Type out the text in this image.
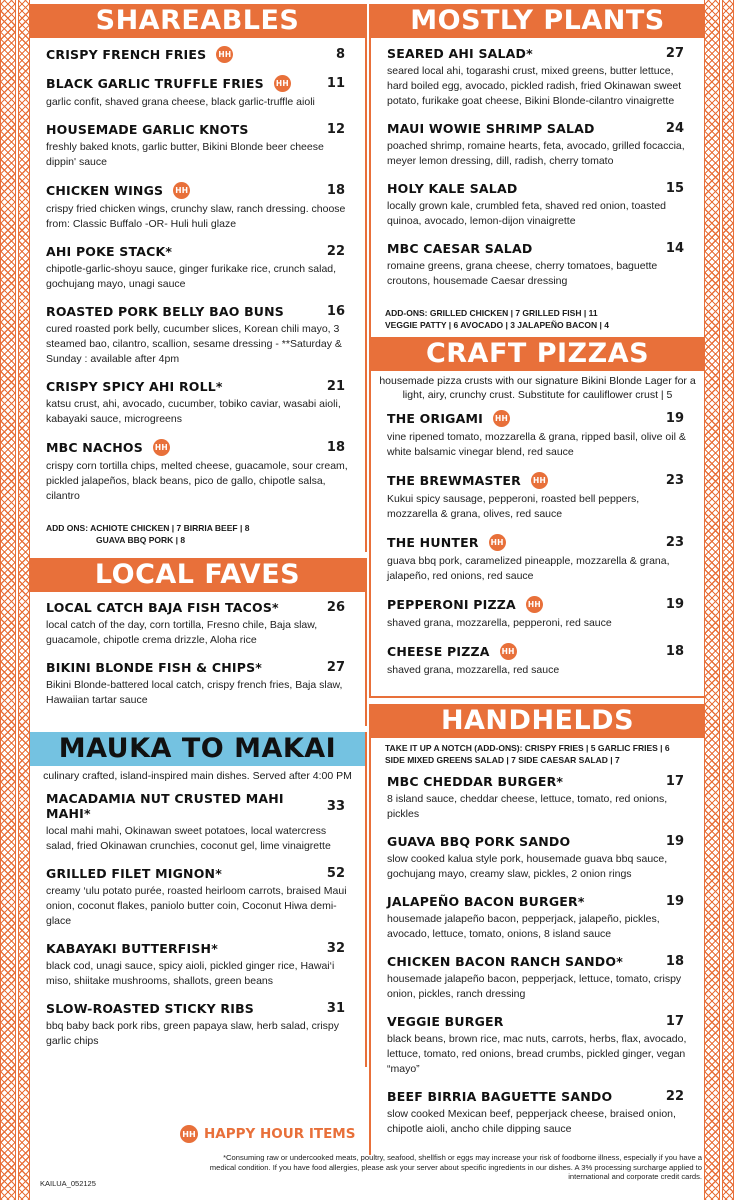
SHAREABLES
CRISPY FRENCH FRIES HH	8
BLACK GARLIC TRUFFLE FRIES HH	11
garlic confit, shaved grana cheese, black garlic-truffle aioli
HOUSEMADE GARLIC KNOTS	12
freshly baked knots, garlic butter, Bikini Blonde beer cheese dippin' sauce
CHICKEN WINGS HH	18
crispy fried chicken wings, crunchy slaw, ranch dressing. choose from: Classic Buffalo -OR- Huli huli glaze
AHI POKE STACK*	22
chipotle-garlic-shoyu sauce, ginger furikake rice, crunch salad, gochujang mayo, unagi sauce
ROASTED PORK BELLY BAO BUNS	16
cured roasted pork belly, cucumber slices, Korean chili mayo, 3 steamed bao, cilantro, scallion, sesame dressing - **Saturday & Sunday : available after 4pm
CRISPY SPICY AHI ROLL*	21
katsu crust, ahi, avocado, cucumber, tobiko caviar, wasabi aioli, kabayaki sauce, microgreens
MBC NACHOS HH	18
crispy corn tortilla chips, melted cheese, guacamole, sour cream, pickled jalapeños, black beans, pico de gallo, chipotle salsa, cilantro
ADD ONS: ACHIOTE CHICKEN | 7 BIRRIA BEEF | 8
GUAVA BBQ PORK | 8
LOCAL FAVES
LOCAL CATCH BAJA FISH TACOS*	26
local catch of the day, corn tortilla, Fresno chile, Baja slaw, guacamole, chipotle crema drizzle, Aloha rice
BIKINI BLONDE FISH & CHIPS*	27
Bikini Blonde-battered local catch, crispy french fries, Baja slaw, Hawaiian tartar sauce
MAUKA TO MAKAI
culinary crafted, island-inspired main dishes. Served after 4:00 PM
MACADAMIA NUT CRUSTED MAHI MAHI*	33
local mahi mahi, Okinawan sweet potatoes, local watercress salad, fried Okinawan crunchies, coconut gel, lime vinaigrette
GRILLED FILET MIGNON*	52
creamy ‘ulu potato purée, roasted heirloom carrots, braised Maui onion, coconut flakes, paniolo butter coin, Coconut Hiwa demi-glace
KABAYAKI BUTTERFISH*	32
black cod, unagi sauce, spicy aioli, pickled ginger rice, Hawai‘i miso, shiitake mushrooms, shallots, green beans
SLOW-ROASTED STICKY RIBS	31
bbq baby back pork ribs, green papaya slaw, herb salad, crispy garlic chips
MOSTLY PLANTS
SEARED AHI SALAD*	27
seared local ahi, togarashi crust, mixed greens, butter lettuce, hard boiled egg, avocado, pickled radish, fried Okinawan sweet potato, furikake goat cheese, Bikini Blonde-cilantro vinaigrette
MAUI WOWIE SHRIMP SALAD	24
poached shrimp, romaine hearts, feta, avocado, grilled focaccia, meyer lemon dressing, dill, radish, cherry tomato
HOLY KALE SALAD	15
locally grown kale, crumbled feta, shaved red onion, toasted quinoa, avocado, lemon-dijon vinaigrette
MBC CAESAR SALAD	14
romaine greens, grana cheese, cherry tomatoes, baguette croutons, housemade Caesar dressing
ADD-ONS: GRILLED CHICKEN | 7 GRILLED FISH | 11
VEGGIE PATTY | 6 AVOCADO | 3 JALAPEÑO BACON | 4
CRAFT PIZZAS
housemade pizza crusts with our signature Bikini Blonde Lager for a light, airy, crunchy crust. Substitute for cauliflower crust | 5
THE ORIGAMI HH	19
vine ripened tomato, mozzarella & grana, ripped basil, olive oil & white balsamic vinegar blend, red sauce
THE BREWMASTER HH	23
Kukui spicy sausage, pepperoni, roasted bell peppers, mozzarella & grana, olives, red sauce
THE HUNTER HH	23
guava bbq pork, caramelized pineapple, mozzarella & grana, jalapeño, red onions, red sauce
PEPPERONI PIZZA HH	19
shaved grana, mozzarella, pepperoni, red sauce
CHEESE PIZZA HH	18
shaved grana, mozzarella, red sauce
HANDHELDS
TAKE IT UP A NOTCH (ADD-ONS): CRISPY FRIES | 5 GARLIC FRIES | 6
SIDE MIXED GREENS SALAD | 7 SIDE CAESAR SALAD | 7
MBC CHEDDAR BURGER*	17
8 island sauce, cheddar cheese, lettuce, tomato, red onions, pickles
GUAVA BBQ PORK SANDO	19
slow cooked kalua style pork, housemade guava bbq sauce, gochujang mayo, creamy slaw, pickles, 2 onion rings
JALAPEÑO BACON BURGER*	19
housemade jalapeño bacon, pepperjack, jalapeño, pickles, avocado, lettuce, tomato, onions, 8 island sauce
CHICKEN BACON RANCH SANDO*	18
housemade jalapeño bacon, pepperjack, lettuce, tomato, crispy onion, pickles, ranch dressing
VEGGIE BURGER	17
black beans, brown rice, mac nuts, carrots, herbs, flax, avocado, lettuce, tomato, red onions, bread crumbs, pickled ginger, vegan “mayo”
BEEF BIRRIA BAGUETTE SANDO	22
slow cooked Mexican beef, pepperjack cheese, braised onion, chipotle aioli, ancho chile dipping sauce
HH HAPPY HOUR ITEMS
*Consuming raw or undercooked meats, poultry, seafood, shellfish or eggs may increase your risk of foodborne illness, especially if you have a medical condition. If you have food allergies, please ask your server about specific ingredients in our dishes. A 3% processing surcharge applied to international and corporate credit cards.
KAILUA_052125
